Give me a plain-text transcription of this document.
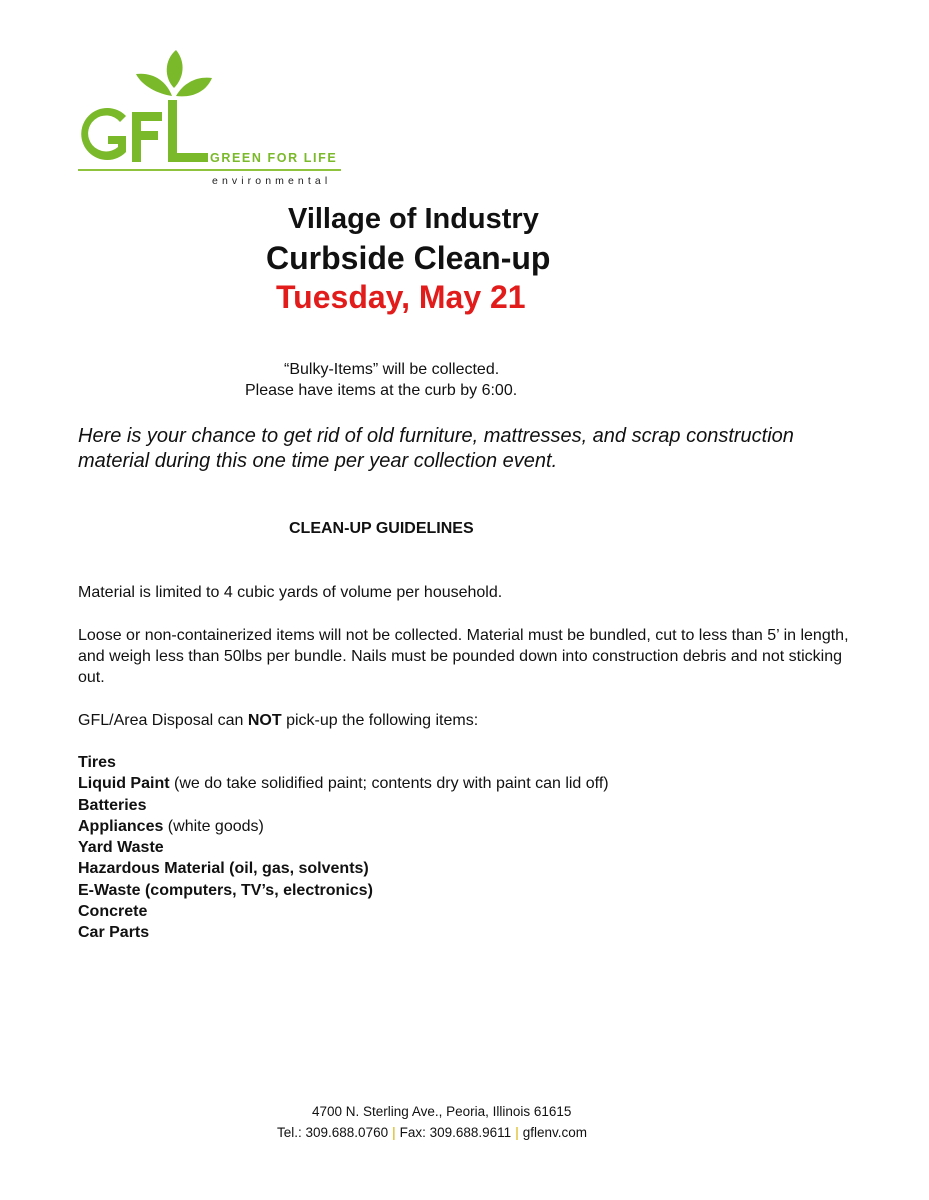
GREEN FOR LIFE
environmental
Village of Industry
Curbside Clean-up
Tuesday, May 21
“Bulky-Items” will be collected.
Please have items at the curb by 6:00.
Here is your chance to get rid of old furniture, mattresses, and scrap construction material during this one time per year collection event.
CLEAN-UP GUIDELINES
Material is limited to 4 cubic yards of volume per household.
Loose or non-containerized items will not be collected. Material must be bundled, cut to less than 5’ in length, and weigh less than 50lbs per bundle. Nails must be pounded down into construction debris and not sticking out.
GFL/Area Disposal can NOT pick-up the following items:
Tires
Liquid Paint (we do take solidified paint; contents dry with paint can lid off)
Batteries
Appliances (white goods)
Yard Waste
Hazardous Material (oil, gas, solvents)
E-Waste (computers, TV’s, electronics)
Concrete
Car Parts
4700 N. Sterling Ave., Peoria, Illinois 61615
Tel.: 309.688.0760 | Fax: 309.688.9611 | gflenv.com
